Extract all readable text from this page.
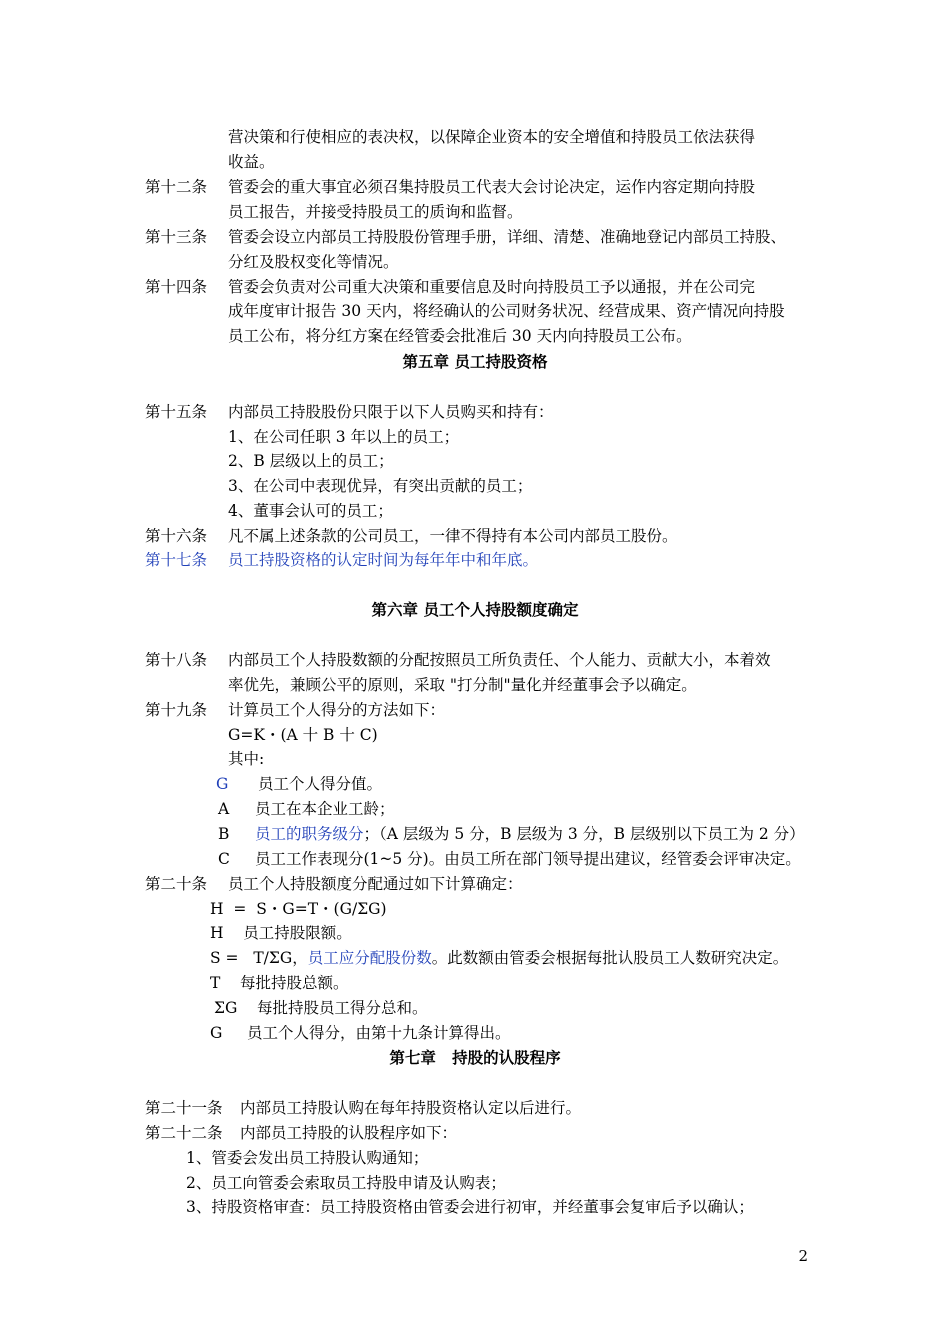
营决策和行使相应的表决权，以保障企业资本的安全增值和持股员工依法获得
收益。
第十二条 管委会的重大事宜必须召集持股员工代表大会讨论决定，运作内容定期向持股
员工报告，并接受持股员工的质询和监督。
第十三条 管委会设立内部员工持股股份管理手册，详细、清楚、准确地登记内部员工持股、
分红及股权变化等情况。
第十四条 管委会负责对公司重大决策和重要信息及时向持股员工予以通报，并在公司完
成年度审计报告 30 天内，将经确认的公司财务状况、经营成果、资产情况向持股
员工公布，将分红方案在经管委会批准后 30 天内向持股员工公布。
第五章 员工持股资格
第十五条 内部员工持股股份只限于以下人员购买和持有：
1、在公司任职 3 年以上的员工；
2、B 层级以上的员工；
3、在公司中表现优异，有突出贡献的员工；
4、董事会认可的员工；
第十六条 凡不属上述条款的公司员工，一律不得持有本公司内部员工股份。
第十七条 员工持股资格的认定时间为每年年中和年底。
第六章 员工个人持股额度确定
第十八条 内部员工个人持股数额的分配按照员工所负责任、个人能力、贡献大小，本着效
率优先，兼顾公平的原则，采取 "打分制"量化并经董事会予以确定。
第十九条 计算员工个人得分的方法如下：
G=K・(A 十 B 十 C)
其中:
G 员工个人得分值。
A 员工在本企业工龄；
B 员工的职务级分；（A 层级为 5 分，B 层级为 3 分，B 层级别以下员工为 2 分）
C 员工工作表现分(1~5 分)。由员工所在部门领导提出建议，经管委会评审决定。
第二十条 员工个人持股额度分配通过如下计算确定：
H  =  S・G=T・(G/ΣG)
H    员工持股限额。
S =   T/ΣG，员工应分配股份数。此数额由管委会根据每批认股员工人数研究决定。
T    每批持股总额。
ΣG    每批持股员工得分总和。
G     员工个人得分，由第十九条计算得出。
第七章   持股的认股程序
第二十一条 内部员工持股认购在每年持股资格认定以后进行。
第二十二条 内部员工持股的认股程序如下：
1、管委会发出员工持股认购通知；
2、员工向管委会索取员工持股申请及认购表；
3、持股资格审查：员工持股资格由管委会进行初审，并经董事会复审后予以确认；
2
